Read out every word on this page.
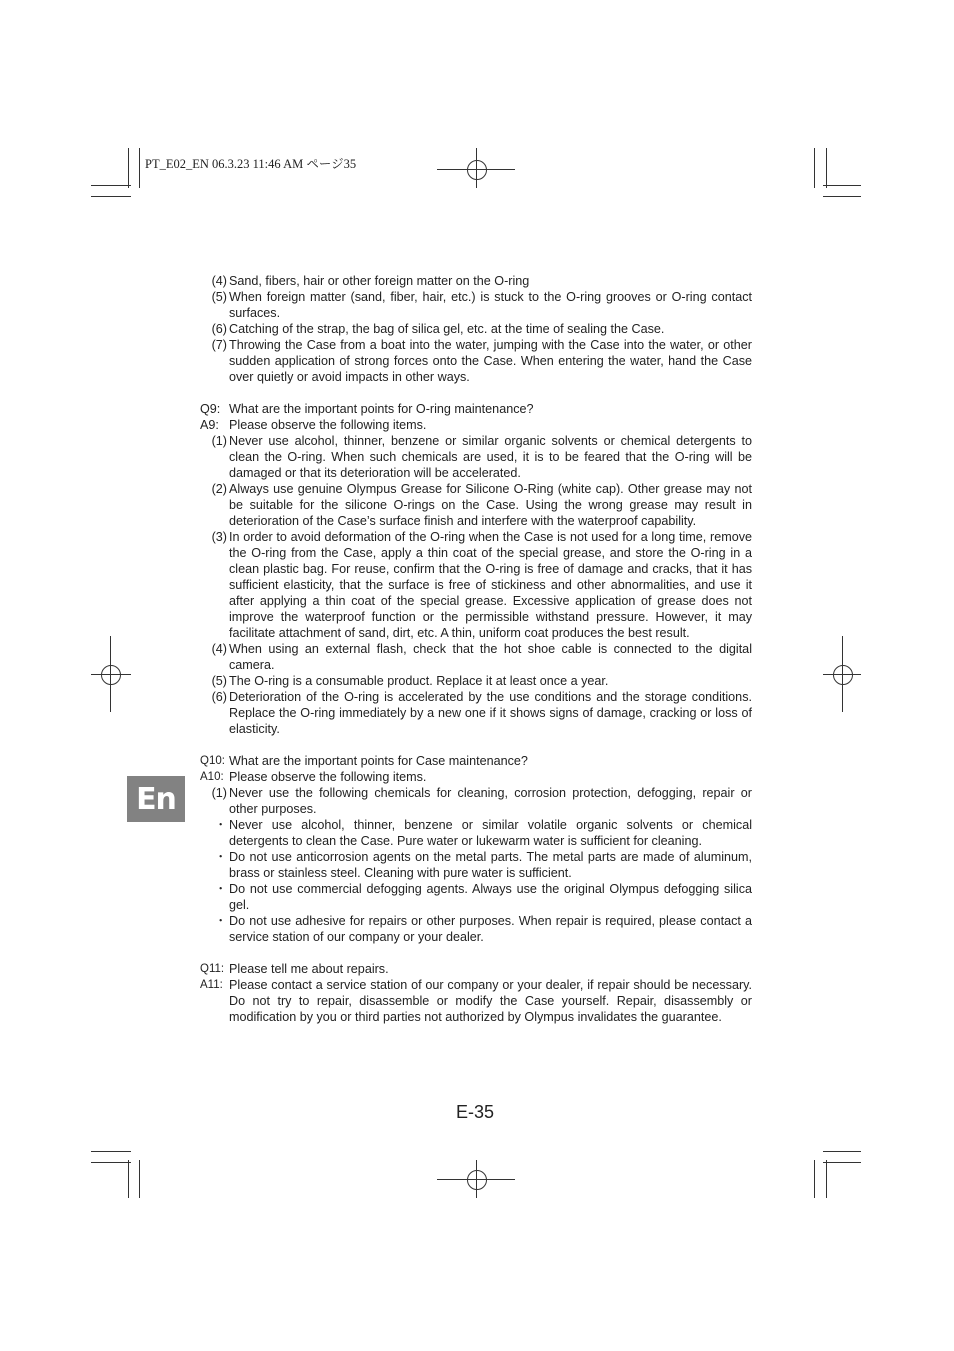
PT_E02_EN 06.3.23 11:46 AM ページ35
En
(4) Sand, fibers, hair or other foreign matter on the O-ring
(5) When foreign matter (sand, fiber, hair, etc.) is stuck to the O-ring grooves or O-ring contact surfaces.
(6) Catching of the strap, the bag of silica gel, etc. at the time of sealing the Case.
(7) Throwing the Case from a boat into the water, jumping with the Case into the water, or other sudden application of strong forces onto the Case. When entering the water, hand the Case over quietly or avoid impacts in other ways.
Q9: What are the important points for O-ring maintenance?
A9: Please observe the following items.
(1) Never use alcohol, thinner, benzene or similar organic solvents or chemical detergents to clean the O-ring. When such chemicals are used, it is to be feared that the O-ring will be damaged or that its deterioration will be accelerated.
(2) Always use genuine Olympus Grease for Silicone O-Ring (white cap). Other grease may not be suitable for the silicone O-rings on the Case. Using the wrong grease may result in deterioration of the Case’s surface finish and interfere with the waterproof capability.
(3) In order to avoid deformation of the O-ring when the Case is not used for a long time, remove the O-ring from the Case, apply a thin coat of the special grease, and store the O-ring in a clean plastic bag. For reuse, confirm that the O-ring is free of damage and cracks, that it has sufficient elasticity, that the surface is free of stickiness and other abnormalities, and use it after applying a thin coat of the special grease. Excessive application of grease does not improve the waterproof function or the permissible withstand pressure. However, it may facilitate attachment of sand, dirt, etc. A thin, uniform coat produces the best result.
(4) When using an external flash, check that the hot shoe cable is connected to the digital camera.
(5) The O-ring is a consumable product. Replace it at least once a year.
(6) Deterioration of the O-ring is accelerated by the use conditions and the storage conditions. Replace the O-ring immediately by a new one if it shows signs of damage, cracking or loss of elasticity.
Q10: What are the important points for Case maintenance?
A10: Please observe the following items.
(1) Never use the following chemicals for cleaning, corrosion protection, defogging, repair or other purposes.
・ Never use alcohol, thinner, benzene or similar volatile organic solvents or chemical detergents to clean the Case. Pure water or lukewarm water is sufficient for cleaning.
・ Do not use anticorrosion agents on the metal parts. The metal parts are made of aluminum, brass or stainless steel. Cleaning with pure water is sufficient.
・ Do not use commercial defogging agents. Always use the original Olympus defogging silica gel.
・ Do not use adhesive for repairs or other purposes. When repair is required, please contact a service station of our company or your dealer.
Q11: Please tell me about repairs.
A11: Please contact a service station of our company or your dealer, if repair should be necessary. Do not try to repair, disassemble or modify the Case yourself. Repair, disassembly or modification by you or third parties not authorized by Olympus invalidates the guarantee.
E-35
